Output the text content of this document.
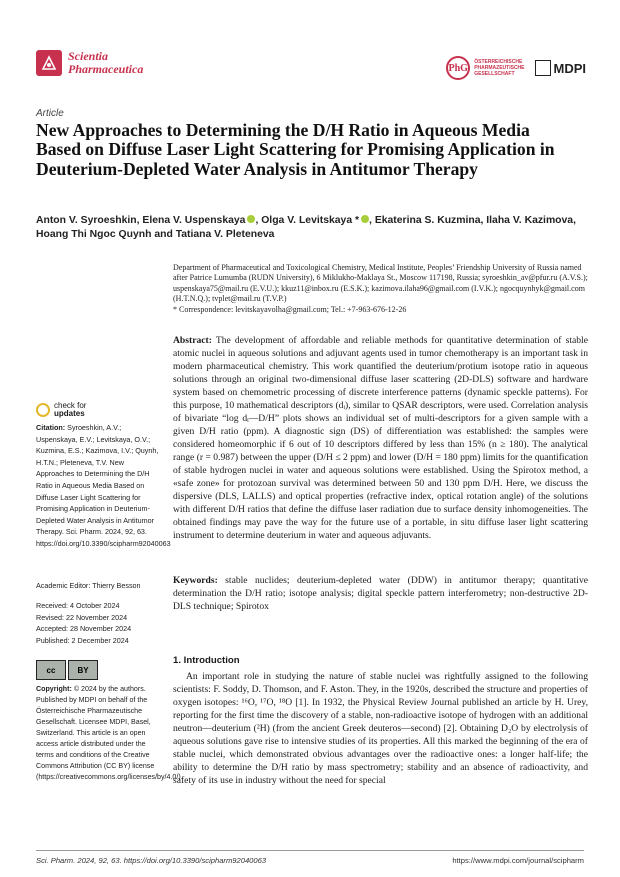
Scientia
Pharmaceutica	PhG
ÖSTERREICHISCHE
PHARMAZEUTISCHE
GESELLSCHAFT	MDPI
Article
New Approaches to Determining the D/H Ratio in Aqueous Media Based on Diffuse Laser Light Scattering for Promising Application in Deuterium-Depleted Water Analysis in Antitumor Therapy
Anton V. Syroeshkin, Elena V. Uspenskaya , Olga V. Levitskaya * , Ekaterina S. Kuzmina, Ilaha V. Kazimova,
Hoang Thi Ngoc Quynh and Tatiana V. Pleteneva
Department of Pharmaceutical and Toxicological Chemistry, Medical Institute, Peoples’ Friendship University of Russia named after Patrice Lumumba (RUDN University), 6 Miklukho-Maklaya St., Moscow 117198, Russia; syroeshkin_av@pfur.ru (A.V.S.); uspenskaya75@mail.ru (E.V.U.); kkuz11@inbox.ru (E.S.K.); kazimova.ilaha96@gmail.com (I.V.K.); ngocquynhyk@gmail.com (H.T.N.Q.); tvplet@mail.ru (T.V.P.)
* Correspondence: levitskayavolha@gmail.com; Tel.: +7-963-676-12-26
Abstract: The development of affordable and reliable methods for quantitative determination of stable atomic nuclei in aqueous solutions and adjuvant agents used in tumor chemotherapy is an important task in modern pharmaceutical chemistry. This work quantified the deuterium/protium isotope ratio in aqueous solutions through an original two-dimensional diffuse laser scattering (2D-DLS) software and hardware system based on chemometric processing of discrete interference patterns (dynamic speckle patterns). For this purpose, 10 mathematical descriptors (dᵢ), similar to QSAR descriptors, were used. Correlation analysis of bivariate “log dᵢ—D/H” plots shows an individual set of multi-descriptors for a given sample with a given D/H ratio (ppm). A diagnostic sign (DS) of differentiation was established: the samples were considered homeomorphic if 6 out of 10 descriptors differed by less than 15% (n ≥ 180). The analytical range (r = 0.987) between the upper (D/H ≤ 2 ppm) and lower (D/H = 180 ppm) limits for the quantification of stable hydrogen nuclei in water and aqueous solutions were established. Using the Spirotox method, a «safe zone» for protozoan survival was determined between 50 and 130 ppm D/H. Here, we discuss the dispersive (DLS, LALLS) and optical properties (refractive index, optical rotation angle) of the solutions with different D/H ratios that define the diffuse laser radiation due to surface density inhomogeneities. The obtained findings may pave the way for the future use of a portable, in situ diffuse laser light scattering instrument to determine deuterium in water and aqueous adjuvants.
Keywords: stable nuclides; deuterium-depleted water (DDW) in antitumor therapy; quantitative determination the D/H ratio; isotope analysis; digital speckle pattern interferometry; non-destructive 2D-DLS technique; Spirotox
1. Introduction
An important role in studying the nature of stable nuclei was rightfully assigned to the following scientists: F. Soddy, D. Thomson, and F. Aston. They, in the 1920s, described the structure and properties of oxygen isotopes: ¹⁶O, ¹⁷O, ¹⁸O [1]. In 1932, the Physical Review Journal published an article by H. Urey, reporting for the first time the discovery of a stable, non-radioactive isotope of hydrogen with an additional neutron—deuterium (²H) (from the ancient Greek deuteros—second) [2]. Obtaining D₂O by electrolysis of aqueous solutions gave rise to intensive studies of its properties. All this marked the beginning of the era of stable nuclei, which demonstrated obvious advantages over the radioactive ones: a longer half-life; the ability to determine the D/H ratio by mass spectrometry; stability and an absence of radioactivity, and safety of its use in industry without the need for special
check for
updates
Citation: Syroeshkin, A.V.; Uspenskaya, E.V.; Levitskaya, O.V.; Kuzmina, E.S.; Kazimova, I.V.; Quynh, H.T.N.; Pleteneva, T.V. New Approaches to Determining the D/H Ratio in Aqueous Media Based on Diffuse Laser Light Scattering for Promising Application in Deuterium-Depleted Water Analysis in Antitumor Therapy. Sci. Pharm. 2024, 92, 63. https://doi.org/10.3390/scipharm92040063
Academic Editor: Thierry Besson
Received: 4 October 2024
Revised: 22 November 2024
Accepted: 28 November 2024
Published: 2 December 2024
cc	BY
Copyright: © 2024 by the authors. Published by MDPI on behalf of the Österreichische Pharmazeutische Gesellschaft. Licensee MDPI, Basel, Switzerland. This article is an open access article distributed under the terms and conditions of the Creative Commons Attribution (CC BY) license (https://creativecommons.org/licenses/by/4.0/).
Sci. Pharm. 2024, 92, 63. https://doi.org/10.3390/scipharm92040063	https://www.mdpi.com/journal/scipharm
